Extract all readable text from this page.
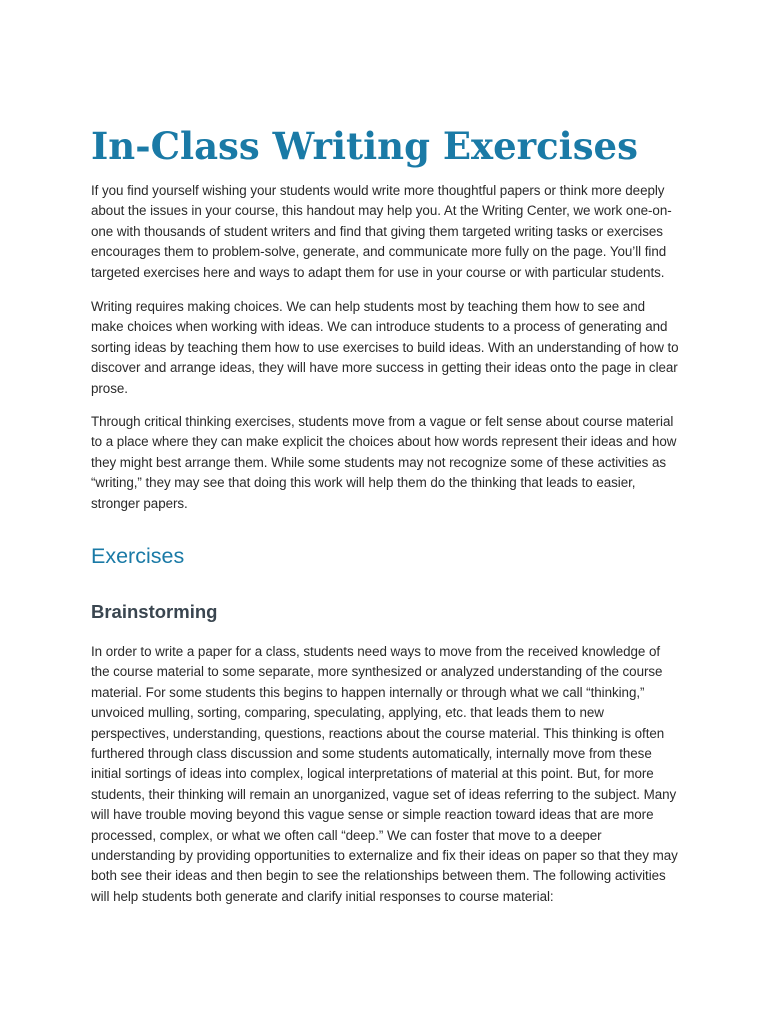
In-Class Writing Exercises

If you find yourself wishing your students would write more thoughtful papers or think more deeply about the issues in your course, this handout may help you. At the Writing Center, we work one-on-one with thousands of student writers and find that giving them targeted writing tasks or exercises encourages them to problem-solve, generate, and communicate more fully on the page. You’ll find targeted exercises here and ways to adapt them for use in your course or with particular students.

Writing requires making choices. We can help students most by teaching them how to see and make choices when working with ideas. We can introduce students to a process of generating and sorting ideas by teaching them how to use exercises to build ideas. With an understanding of how to discover and arrange ideas, they will have more success in getting their ideas onto the page in clear prose.

Through critical thinking exercises, students move from a vague or felt sense about course material to a place where they can make explicit the choices about how words represent their ideas and how they might best arrange them. While some students may not recognize some of these activities as “writing,” they may see that doing this work will help them do the thinking that leads to easier, stronger papers.

Exercises
Brainstorming

In order to write a paper for a class, students need ways to move from the received knowledge of the course material to some separate, more synthesized or analyzed understanding of the course material. For some students this begins to happen internally or through what we call “thinking,” unvoiced mulling, sorting, comparing, speculating, applying, etc. that leads them to new perspectives, understanding, questions, reactions about the course material. This thinking is often furthered through class discussion and some students automatically, internally move from these initial sortings of ideas into complex, logical interpretations of material at this point. But, for more students, their thinking will remain an unorganized, vague set of ideas referring to the subject. Many will have trouble moving beyond this vague sense or simple reaction toward ideas that are more processed, complex, or what we often call “deep.” We can foster that move to a deeper understanding by providing opportunities to externalize and fix their ideas on paper so that they may both see their ideas and then begin to see the relationships between them. The following activities will help students both generate and clarify initial responses to course material:
